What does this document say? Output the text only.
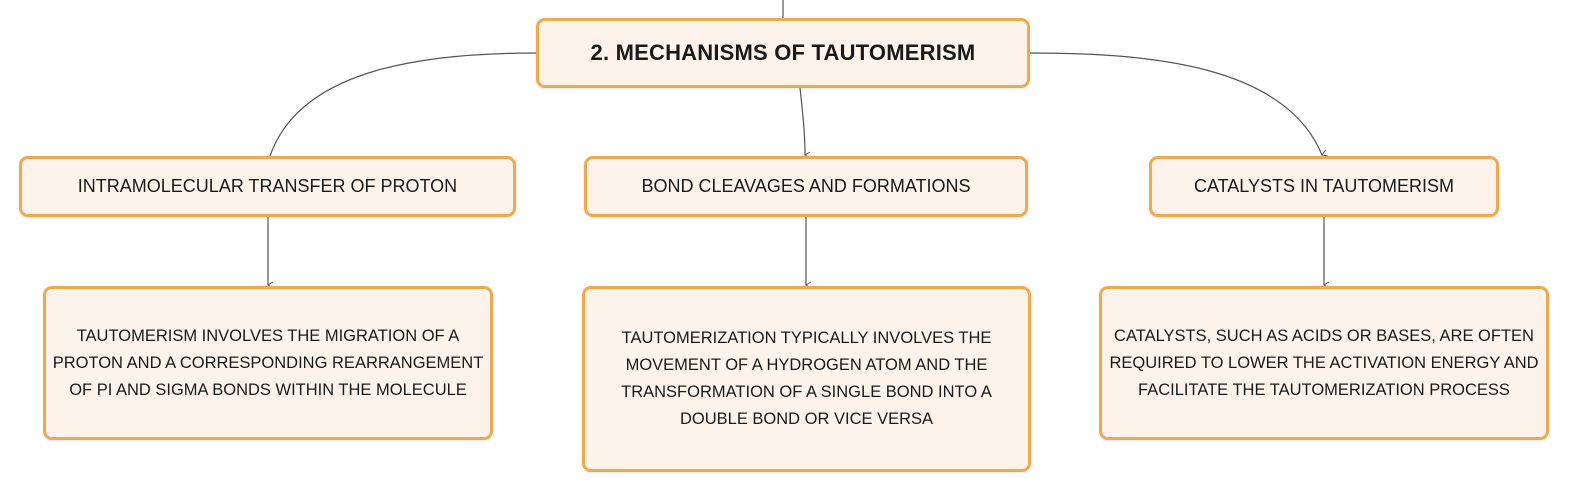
2. MECHANISMS OF TAUTOMERISM
INTRAMOLECULAR TRANSFER OF PROTON	BOND CLEAVAGES AND FORMATIONS	CATALYSTS IN TAUTOMERISM
TAUTOMERISM INVOLVES THE MIGRATION OF A PROTON AND A CORRESPONDING REARRANGEMENT OF PI AND SIGMA BONDS WITHIN THE MOLECULE
TAUTOMERIZATION TYPICALLY INVOLVES THE MOVEMENT OF A HYDROGEN ATOM AND THE TRANSFORMATION OF A SINGLE BOND INTO A DOUBLE BOND OR VICE VERSA
CATALYSTS, SUCH AS ACIDS OR BASES, ARE OFTEN REQUIRED TO LOWER THE ACTIVATION ENERGY AND FACILITATE THE TAUTOMERIZATION PROCESS
